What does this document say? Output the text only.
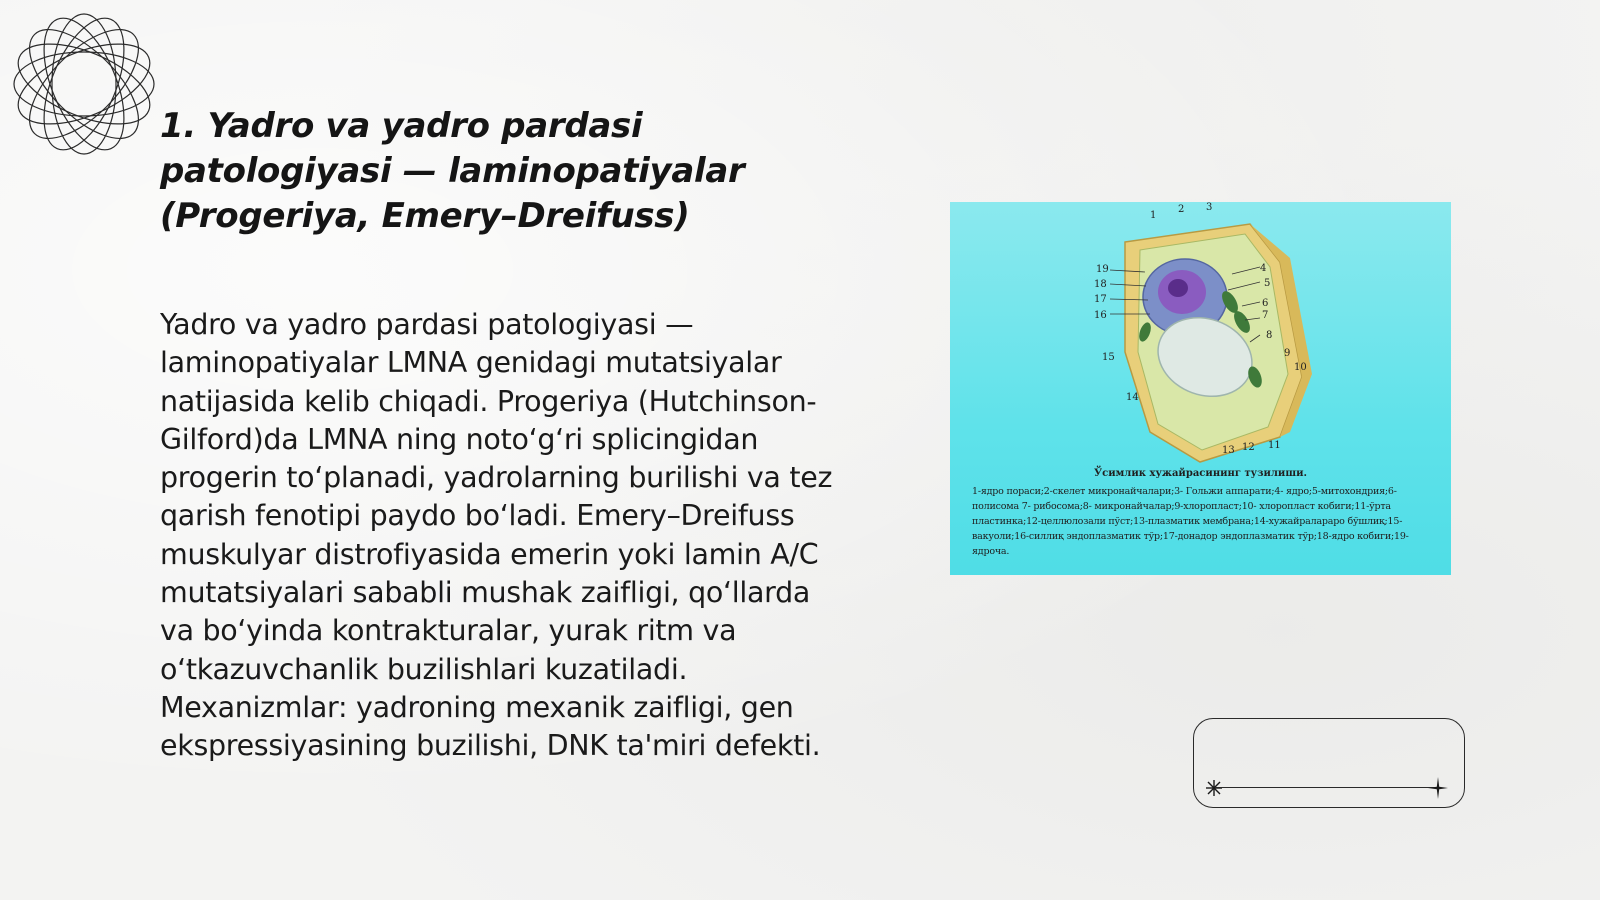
1. Yadro va yadro pardasi patologiyasi — laminopatiyalar (Progeriya, Emery–Dreifuss)

Yadro va yadro pardasi patologiyasi — laminopatiyalar LMNA genidagi mutatsiyalar natijasida kelib chiqadi. Progeriya (Hutchinson-Gilford)da LMNA ning noto‘g‘ri splicingidan progerin to‘planadi, yadrolarning burilishi va tez qarish fenotipi paydo bo‘ladi. Emery–Dreifuss muskulyar distrofiyasida emerin yoki lamin A/C mutatsiyalari sababli mushak zaifligi, qo‘llarda va bo‘yinda kontrakturalar, yurak ritm va o‘tkazuvchanlik buzilishlari kuzatiladi. Mexanizmlar: yadroning mexanik zaifligi, gen ekspressiyasining buzilishi, DNK ta'miri defekti.

1
2 3
4
5
6
7
8
9
10
11
12
13
14
15
16
17
18
19
Ўсимлик хужайрасининг тузилиши.
1-ядро пораси;2-скелет микронайчалари;3- Гольжи аппарати;4- ядро;5-митохондрия;6-полисома 7- рибосома;8- микронайчалар;9-хлоропласт;10- хлоропласт кобиги;11-ўрта пластинка;12-целлюлозали пўст;13-плазматик мембрана;14-хужайралараро бўшлиқ;15-вакуоли;16-силлиқ эндоплазматик тўр;17-донадор эндоплазматик тўр;18-ядро кобиги;19-ядроча.
